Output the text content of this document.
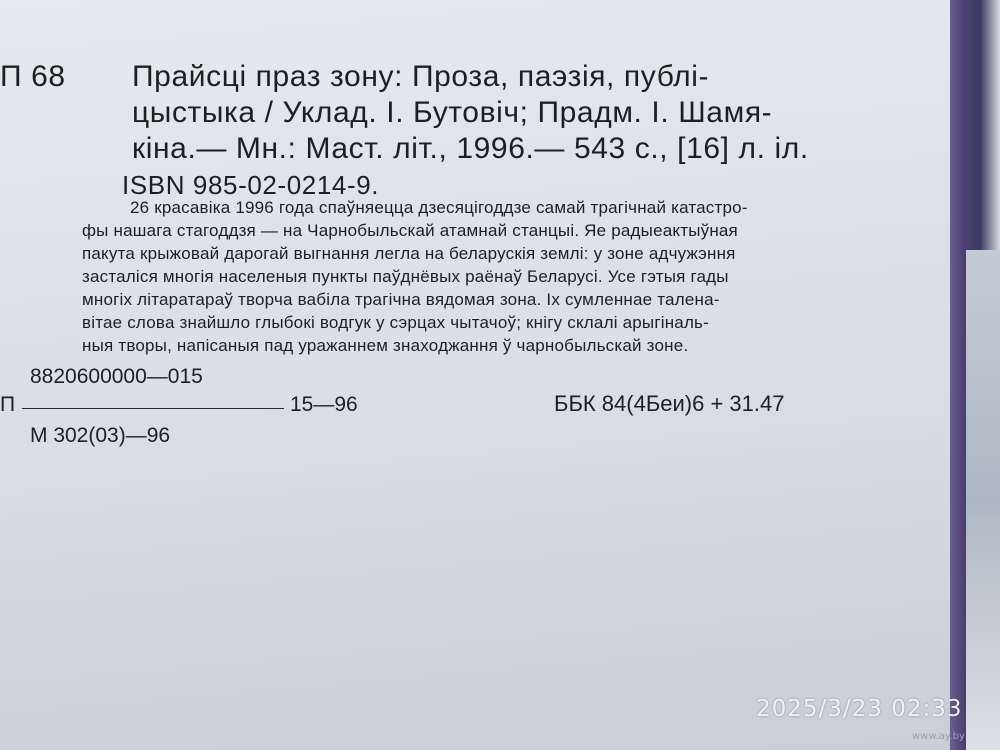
П 68 Прайсці праз зону: Проза, паэзія, публі-
цыстыка / Уклад. І. Бутовіч; Прадм. І. Шамя-
кіна.— Мн.: Маст. літ., 1996.— 543 с., [16] л. іл.
ISBN 985-02-0214-9.
26 красавіка 1996 года спаўняецца дзесяцігоддзе самай трагічнай катастро-
фы нашага стагоддзя — на Чарнобыльскай атамнай станцыі. Яе радыеактыўная
пакута крыжовай дарогай выгнання легла на беларускія землі: у зоне адчужэння
засталіся многія населеныя пункты паўднёвых раёнаў Беларусі. Усе гэтыя гады
многіх літаратараў творча вабіла трагічна вядомая зона. Іх сумленнае талена-
вітае слова знайшло глыбокі водгук у сэрцах чытачоў; кнігу склалі арыгіналь-
ныя творы, напісаныя пад уражаннем знаходжання ў чарнобыльскай зоне.
8820600000—015
П	15—96
М 302(03)—96
ББК 84(4Беи)6 + 31.47
2025/3/23 02:33
www.ay.by
